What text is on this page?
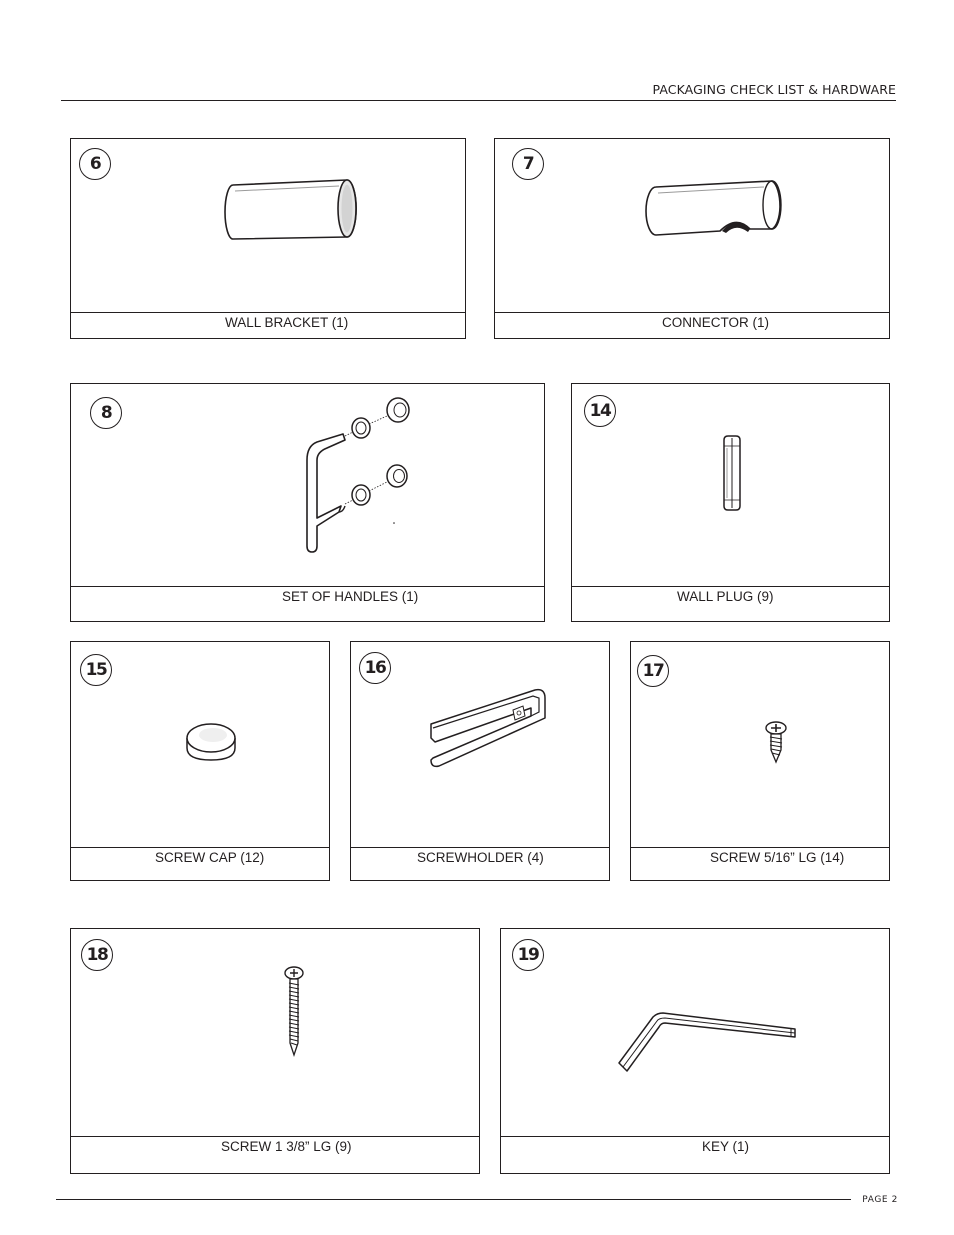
PACKAGING CHECK LIST & HARDWARE
6
WALL BRACKET (1)
7
CONNECTOR (1)
8
SET OF HANDLES (1)
14
WALL PLUG (9)
15
SCREW CAP (12)
16
SCREWHOLDER (4)
17
SCREW 5/16” LG (14)
18
SCREW 1 3/8” LG (9)
19
KEY (1)
PAGE 2
